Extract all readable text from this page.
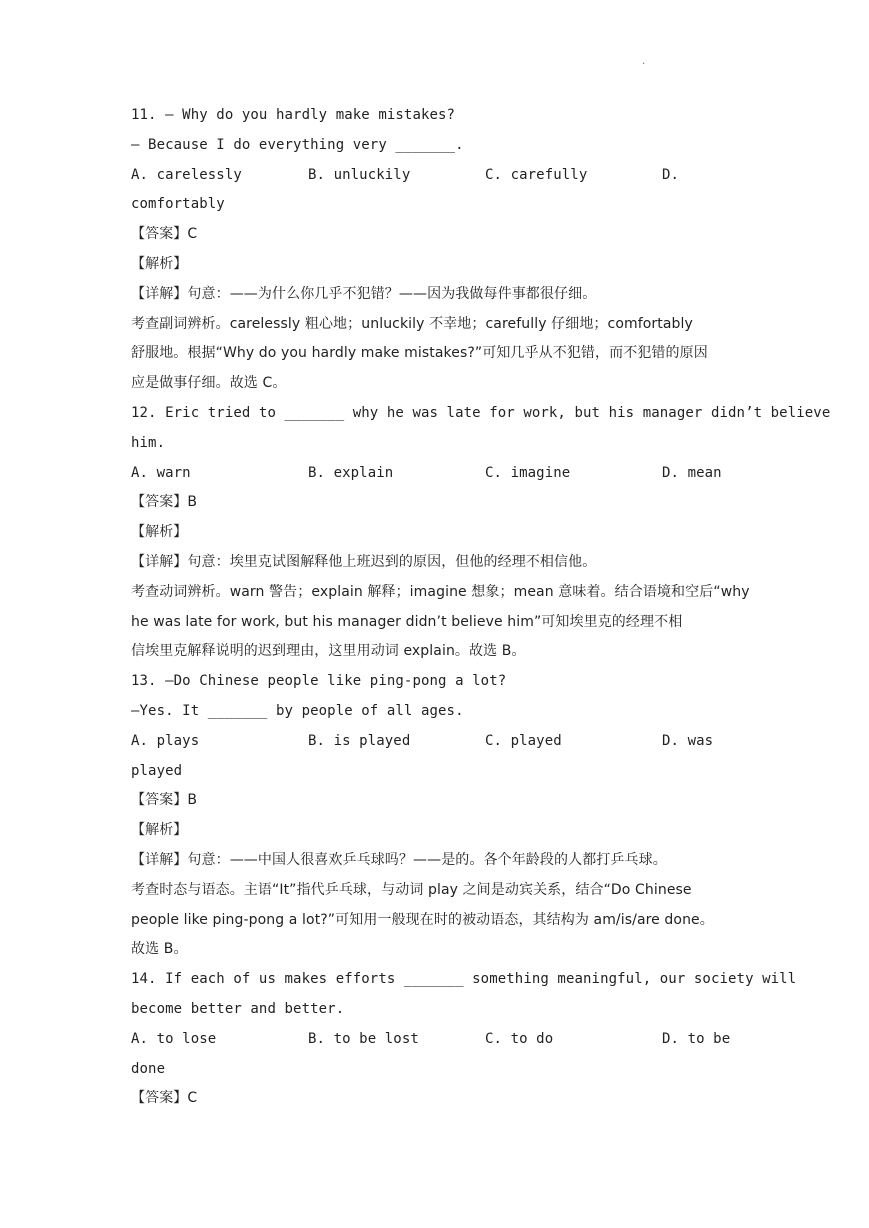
.
11. — Why do you hardly make mistakes?
— Because I do everything very _______.
A. carelessly	B. unluckily	C. carefully	D.
comfortably
【答案】C
【解析】
【详解】句意：——为什么你几乎不犯错？——因为我做每件事都很仔细。
考查副词辨析。carelessly 粗心地；unluckily 不幸地；carefully 仔细地；comfortably
舒服地。根据“Why do you hardly make mistakes?”可知几乎从不犯错，而不犯错的原因
应是做事仔细。故选 C。
12. Eric tried to _______ why he was late for work, but his manager didn’t believe
him.
A. warn	B. explain	C. imagine	D. mean
【答案】B
【解析】
【详解】句意：埃里克试图解释他上班迟到的原因，但他的经理不相信他。
考查动词辨析。warn 警告；explain 解释；imagine 想象；mean 意味着。结合语境和空后“why
he was late for work, but his manager didn’t believe him”可知埃里克的经理不相
信埃里克解释说明的迟到理由，这里用动词 explain。故选 B。
13. —Do Chinese people like ping-pong a lot?
—Yes. It _______ by people of all ages.
A. plays	B. is played	C. played	D. was
played
【答案】B
【解析】
【详解】句意：——中国人很喜欢乒乓球吗？——是的。各个年龄段的人都打乒乓球。
考查时态与语态。主语“It”指代乒乓球，与动词 play 之间是动宾关系，结合“Do Chinese
people like ping-pong a lot?”可知用一般现在时的被动语态，其结构为 am/is/are done。
故选 B。
14. If each of us makes efforts _______ something meaningful, our society will
become better and better.
A. to lose	B. to be lost	C. to do	D. to be
done
【答案】C
